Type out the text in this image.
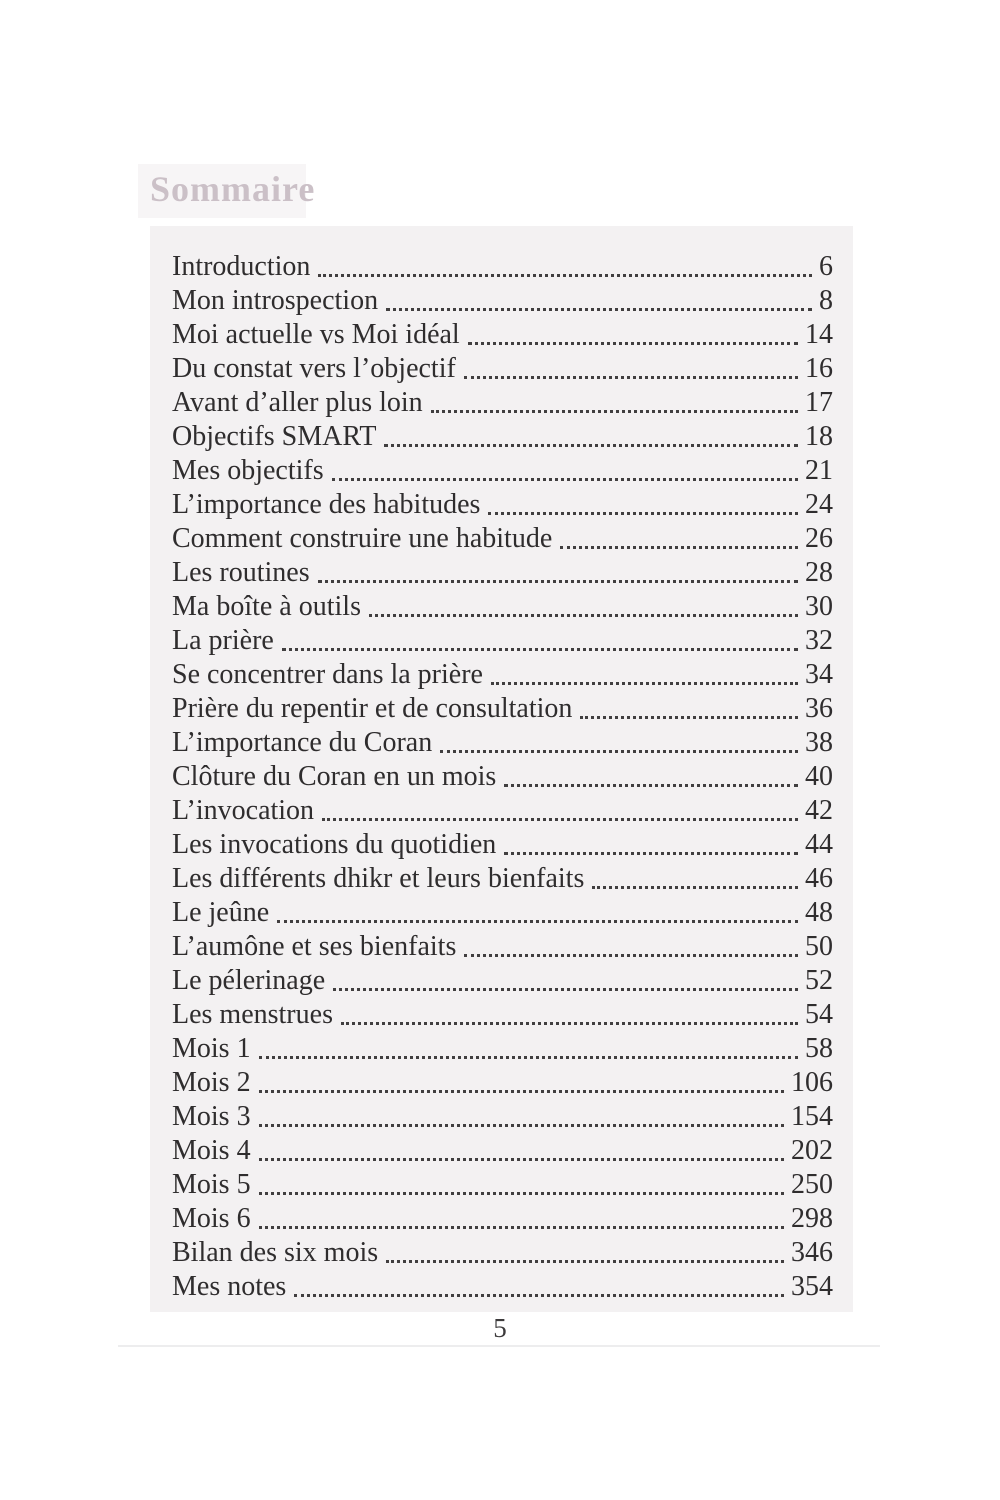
Sommaire
Introduction	6
Mon introspection	8
Moi actuelle vs Moi idéal	14
Du constat vers l’objectif	16
Avant d’aller plus loin	17
Objectifs SMART	18
Mes objectifs	21
L’importance des habitudes	24
Comment construire une habitude	26
Les routines	28
Ma boîte à outils	30
La prière	32
Se concentrer dans la prière	34
Prière du repentir et de consultation	36
L’importance du Coran	38
Clôture du Coran en un mois	40
L’invocation	42
Les invocations du quotidien	44
Les différents dhikr et leurs bienfaits	46
Le jeûne	48
L’aumône et ses bienfaits	50
Le pélerinage	52
Les menstrues	54
Mois 1	58
Mois 2	106
Mois 3	154
Mois 4	202
Mois 5	250
Mois 6	298
Bilan des six mois	346
Mes notes	354
5
